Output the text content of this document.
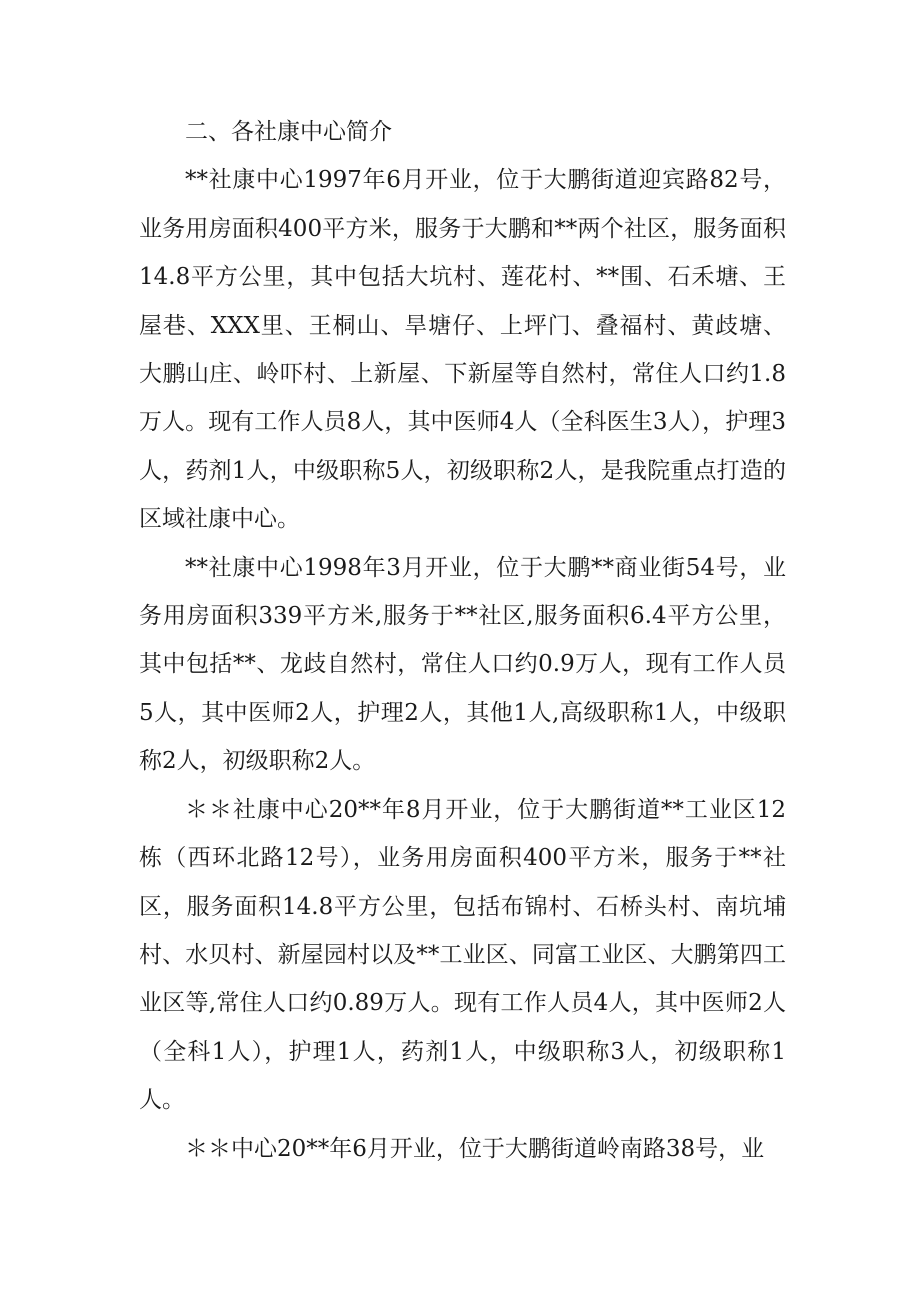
二、各社康中心简介

**社康中心1997年6月开业，位于大鹏街道迎宾路82号，业务用房面积400平方米，服务于大鹏和**两个社区，服务面积14.8平方公里，其中包括大坑村、莲花村、**围、石禾塘、王屋巷、XXX里、王桐山、旱塘仔、上坪门、叠福村、黄歧塘、大鹏山庄、岭吓村、上新屋、下新屋等自然村，常住人口约1.8万人。现有工作人员8人，其中医师4人（全科医生3人），护理3人，药剂1人，中级职称5人，初级职称2人，是我院重点打造的区域社康中心。

**社康中心1998年3月开业，位于大鹏**商业街54号，业务用房面积339平方米,服务于**社区,服务面积6.4平方公里，其中包括**、龙歧自然村，常住人口约0.9万人，现有工作人员5人，其中医师2人，护理2人，其他1人,高级职称1人，中级职称2人，初级职称2人。

＊＊社康中心20**年8月开业，位于大鹏街道**工业区12栋（西环北路12号），业务用房面积400平方米，服务于**社区，服务面积14.8平方公里，包括布锦村、石桥头村、南坑埔村、水贝村、新屋园村以及**工业区、同富工业区、大鹏第四工业区等,常住人口约0.89万人。现有工作人员4人，其中医师2人（全科1人），护理1人，药剂1人，中级职称3人，初级职称1人。

＊＊中心20**年6月开业，位于大鹏街道岭南路38号，业
